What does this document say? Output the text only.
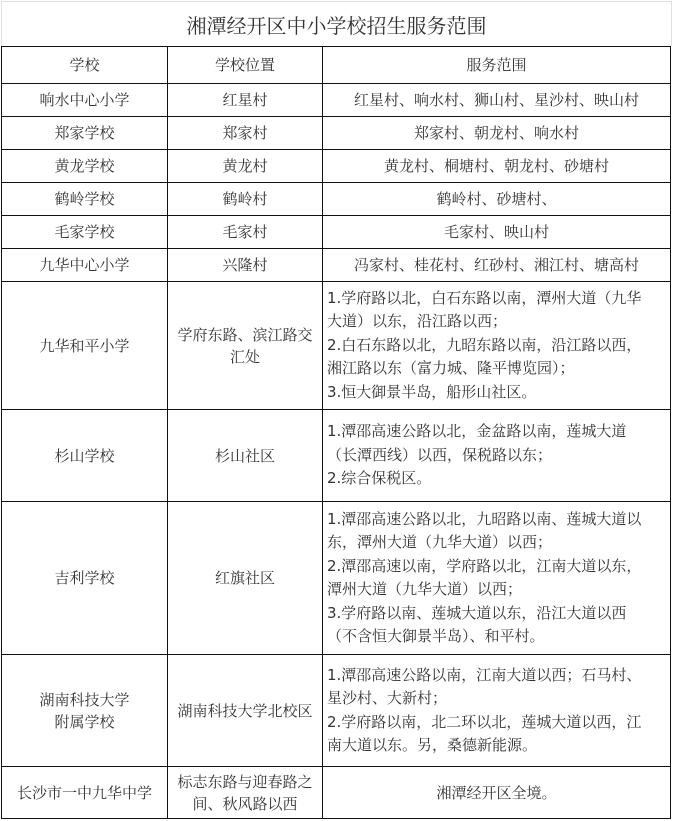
湘潭经开区中小学校招生服务范围
学校	学校位置	服务范围
响水中心小学	红星村	红星村、响水村、狮山村、星沙村、映山村
郑家学校	郑家村	郑家村、朝龙村、响水村
黄龙学校	黄龙村	黄龙村、桐塘村、朝龙村、砂塘村
鹤岭学校	鹤岭村	鹤岭村、砂塘村、
毛家学校	毛家村	毛家村、映山村
九华中心小学	兴隆村	冯家村、桂花村、红砂村、湘江村、塘高村
九华和平小学	学府东路、滨江路交汇处	1.学府路以北，白石东路以南，潭州大道（九华
大道）以东，沿江路以西；
2.白石东路以北，九昭东路以南，沿江路以西，
湘江路以东（富力城、隆平博览园）；
3.恒大御景半岛，船形山社区。

杉山学校	杉山社区	1.潭邵高速公路以北，金盆路以南，莲城大道
（长潭西线）以西，保税路以东；
2.综合保税区。

吉利学校	红旗社区	
1.潭邵高速公路以北，九昭路以南、莲城大道以
东，潭州大道（九华大道）以西；
2.潭邵高速以南，学府路以北，江南大道以东，
潭州大道（九华大道）以西；
3.学府路以南、莲城大道以东，沿江大道以西
（不含恒大御景半岛）、和平村。

湖南科技大学
附属学校	湖南科技大学北校区	1.潭邵高速公路以南，江南大道以西；石马村、
星沙村、大新村；
2.学府路以南，北二环以北，莲城大道以西，江
南大道以东。另，桑德新能源。

长沙市一中九华中学	标志东路与迎春路之
间、秋风路以西	湘潭经开区全境。
